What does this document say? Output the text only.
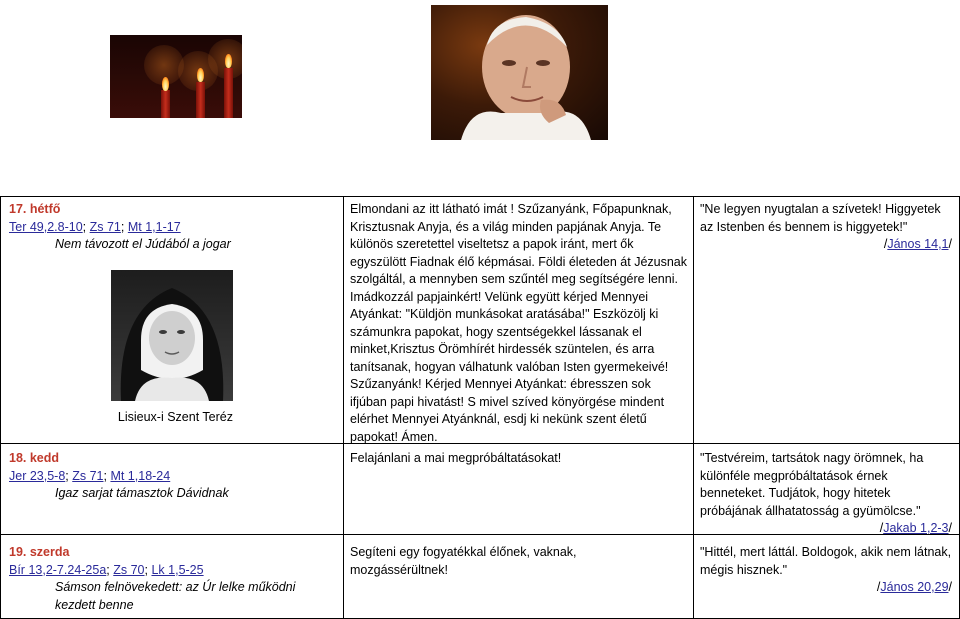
17. hétfő
Ter 49,2.8-10; Zs 71; Mt 1,1-17
Nem távozott el Júdából a jogar
Lisieux-i Szent Teréz
Elmondani az itt látható imát ! Szűzanyánk, Főpapunknak, Krisztusnak Anyja, és a világ minden papjának Anyja. Te különös szeretettel viseltetsz a papok iránt, mert ők egyszülött Fiadnak élő képmásai. Földi életeden át Jézusnak szolgáltál, a mennyben sem szűntél meg segítségére lenni. Imádkozzál papjainkért! Velünk együtt kérjed Mennyei Atyánkat: "Küldjön munkásokat aratásába!" Eszközölj ki számunkra papokat, hogy szentségekkel lássanak el minket,Krisztus Örömhírét hirdessék szüntelen, és arra tanítsanak, hogyan válhatunk valóban Isten gyermekeivé! Szűzanyánk! Kérjed Mennyei Atyánkat: ébresszen sok ifjúban papi hivatást! S mivel szíved könyörgése mindent elérhet Mennyei Atyánknál, esdj ki nekünk szent életű papokat! Ámen.
"Ne legyen nyugtalan a szívetek! Higgyetek az Istenben és bennem is higgyetek!"
/János 14,1/
18. kedd
Jer 23,5-8; Zs 71; Mt 1,18-24
Igaz sarjat támasztok Dávidnak
Felajánlani a mai megpróbáltatásokat!	"Testvéreim, tartsátok nagy örömnek, ha különféle megpróbáltatások érnek benneteket. Tudjátok, hogy hitetek próbájának állhatatosság a gyümölcse."
/Jakab 1,2-3/
19. szerda
Bír 13,2-7.24-25a; Zs 70; Lk 1,5-25
Sámson felnövekedett: az Úr lelke működni kezdett benne
Segíteni egy fogyatékkal élőnek, vaknak, mozgássérültnek!
"Hittél, mert láttál. Boldogok, akik nem látnak, mégis hisznek."
/János 20,29/
